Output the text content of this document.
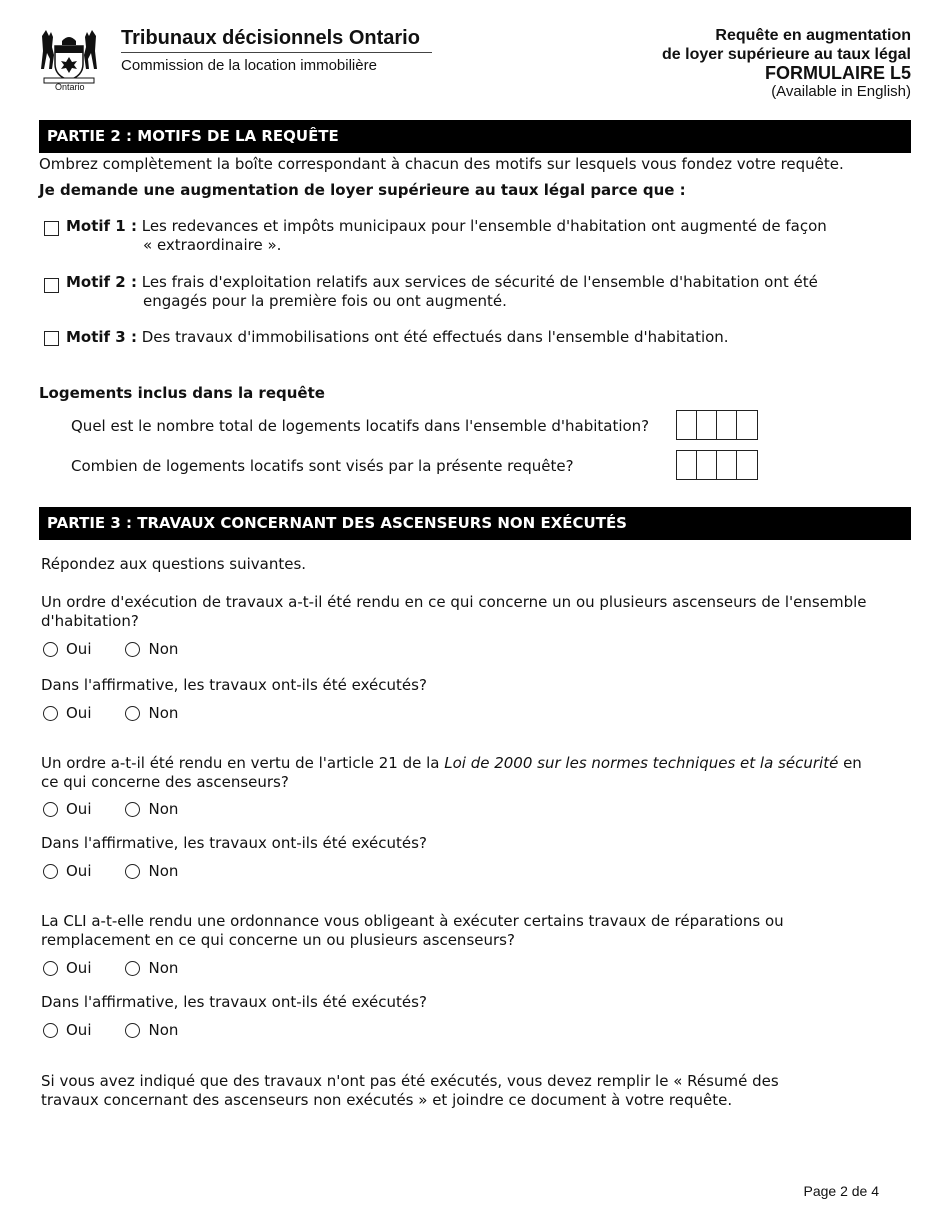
Ontario
Tribunaux décisionnels Ontario
Commission de la location immobilière
Requête en augmentation
de loyer supérieure au taux légal
FORMULAIRE L5
(Available in English)
PARTIE 2 : MOTIFS DE LA REQUÊTE
Ombrez complètement la boîte correspondant à chacun des motifs sur lesquels vous fondez votre requête.
Je demande une augmentation de loyer supérieure au taux légal parce que :
Motif 1 : Les redevances et impôts municipaux pour l'ensemble d'habitation ont augmenté de façon
« extraordinaire ».
Motif 2 : Les frais d'exploitation relatifs aux services de sécurité de l'ensemble d'habitation ont été
engagés pour la première fois ou ont augmenté.
Motif 3 : Des travaux d'immobilisations ont été effectués dans l'ensemble d'habitation.
Logements inclus dans la requête
Quel est le nombre total de logements locatifs dans l'ensemble d'habitation?
Combien de logements locatifs sont visés par la présente requête?
PARTIE 3 : TRAVAUX CONCERNANT DES ASCENSEURS NON EXÉCUTÉS
Répondez aux questions suivantes.
Un ordre d'exécution de travaux a-t-il été rendu en ce qui concerne un ou plusieurs ascenseurs de l'ensemble
d'habitation?
Oui	Non
Dans l'affirmative, les travaux ont-ils été exécutés?
Oui	Non
Un ordre a-t-il été rendu en vertu de l'article 21 de la Loi de 2000 sur les normes techniques et la sécurité en
ce qui concerne des ascenseurs?
Oui	Non
Dans l'affirmative, les travaux ont-ils été exécutés?
Oui	Non
La CLI a-t-elle rendu une ordonnance vous obligeant à exécuter certains travaux de réparations ou
remplacement en ce qui concerne un ou plusieurs ascenseurs?
Oui	Non
Dans l'affirmative, les travaux ont-ils été exécutés?
Oui	Non
Si vous avez indiqué que des travaux n'ont pas été exécutés, vous devez remplir le « Résumé des
travaux concernant des ascenseurs non exécutés » et joindre ce document à votre requête.
Page 2 de 4
